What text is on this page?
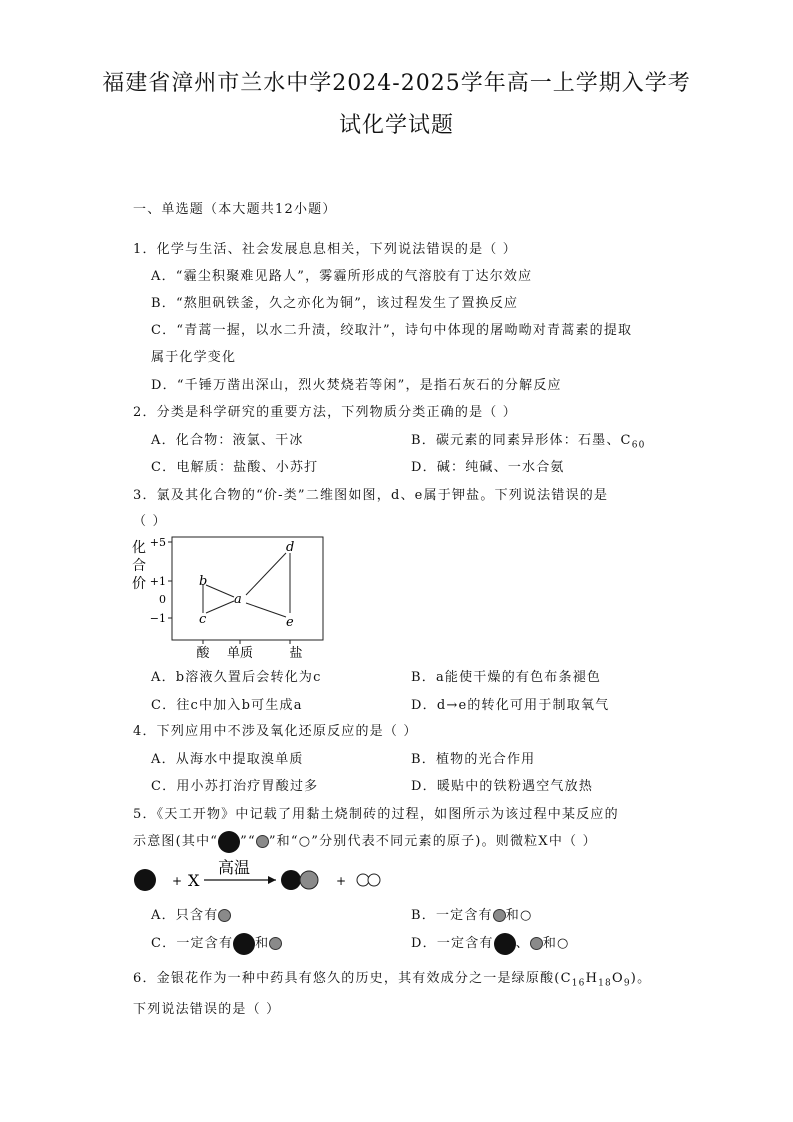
福建省漳州市兰水中学2024-2025学年高一上学期入学考
试化学试题
一、单选题（本大题共12小题）
1．化学与生活、社会发展息息相关，下列说法错误的是（ ）
A．“霾尘积聚难见路人”，雾霾所形成的气溶胶有丁达尔效应
B．“熬胆矾铁釜，久之亦化为铜”，该过程发生了置换反应
C．“青蒿一握，以水二升渍，绞取汁”，诗句中体现的屠呦呦对青蒿素的提取
属于化学变化
D．“千锤万凿出深山，烈火焚烧若等闲”，是指石灰石的分解反应
2．分类是科学研究的重要方法，下列物质分类正确的是（ ）
A．化合物：液氯、干冰	B．碳元素的同素异形体：石墨、$C_{60}$
C．电解质：盐酸、小苏打	D．碱：纯碱、一水合氨
3．氯及其化合物的“价-类”二维图如图，d、e属于钾盐。下列说法错误的是
（ ）
化
合
价
+5
+1
0
−1
酸 单质	盐
b
c
a
d
e
A．b溶液久置后会转化为c	B．a能使干燥的有色布条褪色
C．往c中加入b可生成a	D．d→e的转化可用于制取氧气
4．下列应用中不涉及氧化还原反应的是（ ）
A．从海水中提取溴单质	B．植物的光合作用
C．用小苏打治疗胃酸过多	D．暖贴中的铁粉遇空气放热
5．《天工开物》中记载了用黏土烧制砖的过程，如图所示为该过程中某反应的
示意图(其中“ ”“ ”和“○”分别代表不同元素的原子)。则微粒X中（ ）
+ X
高温
+
A．只含有	B．一定含有 和○
C．一定含有 和	D．一定含有 、 和○
6．金银花作为一种中药具有悠久的历史，其有效成分之一是绿原酸$(C_{16}H_{18}O_9)$。
下列说法错误的是（ ）
